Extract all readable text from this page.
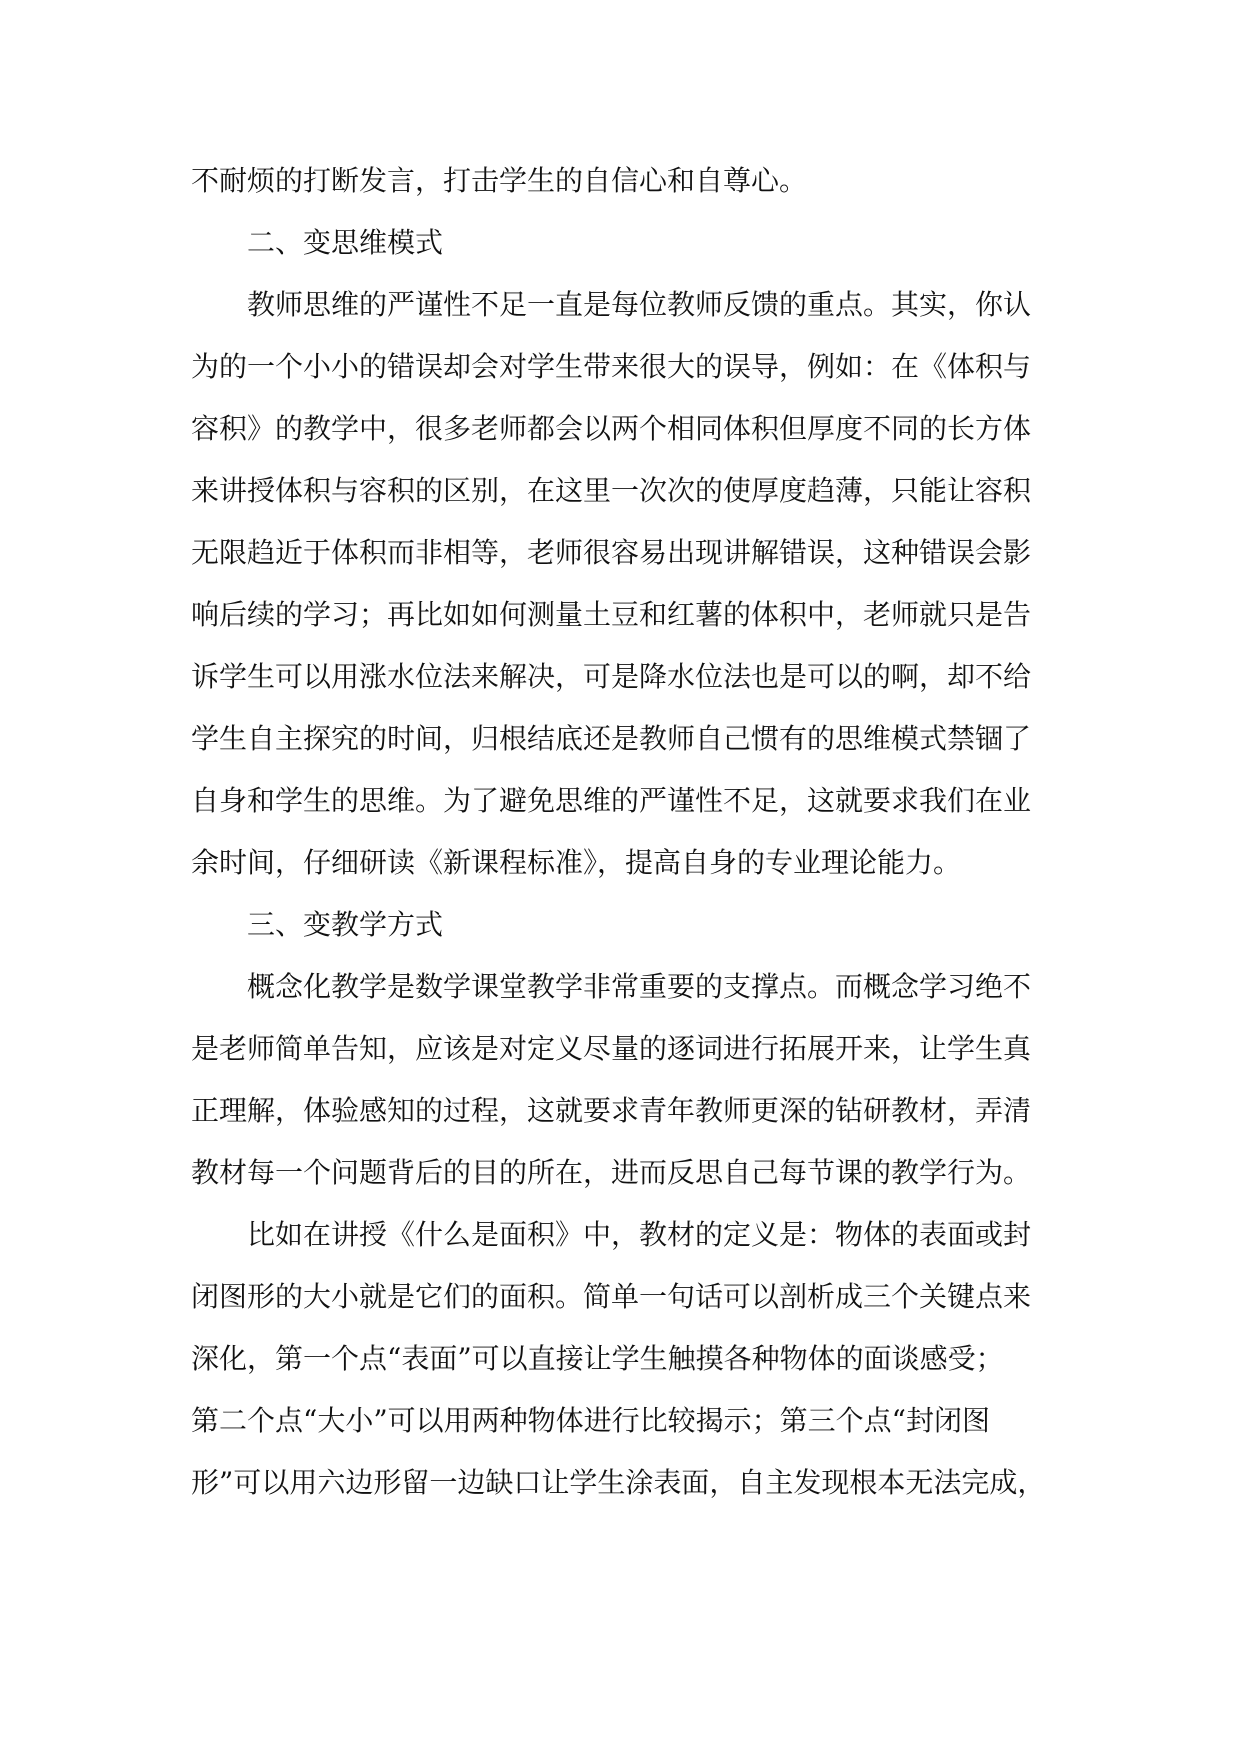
不耐烦的打断发言，打击学生的自信心和自尊心。
二、变思维模式
教师思维的严谨性不足一直是每位教师反馈的重点。其实，你认
为的一个小小的错误却会对学生带来很大的误导，例如：在《体积与
容积》的教学中，很多老师都会以两个相同体积但厚度不同的长方体
来讲授体积与容积的区别，在这里一次次的使厚度趋薄，只能让容积
无限趋近于体积而非相等，老师很容易出现讲解错误，这种错误会影
响后续的学习；再比如如何测量土豆和红薯的体积中，老师就只是告
诉学生可以用涨水位法来解决，可是降水位法也是可以的啊，却不给
学生自主探究的时间，归根结底还是教师自己惯有的思维模式禁锢了
自身和学生的思维。为了避免思维的严谨性不足，这就要求我们在业
余时间，仔细研读《新课程标准》，提高自身的专业理论能力。
三、变教学方式
概念化教学是数学课堂教学非常重要的支撑点。而概念学习绝不
是老师简单告知，应该是对定义尽量的逐词进行拓展开来，让学生真
正理解，体验感知的过程，这就要求青年教师更深的钻研教材，弄清
教材每一个问题背后的目的所在，进而反思自己每节课的教学行为。
比如在讲授《什么是面积》中，教材的定义是：物体的表面或封
闭图形的大小就是它们的面积。简单一句话可以剖析成三个关键点来
深化，第一个点“表面”可以直接让学生触摸各种物体的面谈感受；
第二个点“大小”可以用两种物体进行比较揭示；第三个点“封闭图
形”可以用六边形留一边缺口让学生涂表面，自主发现根本无法完成，
